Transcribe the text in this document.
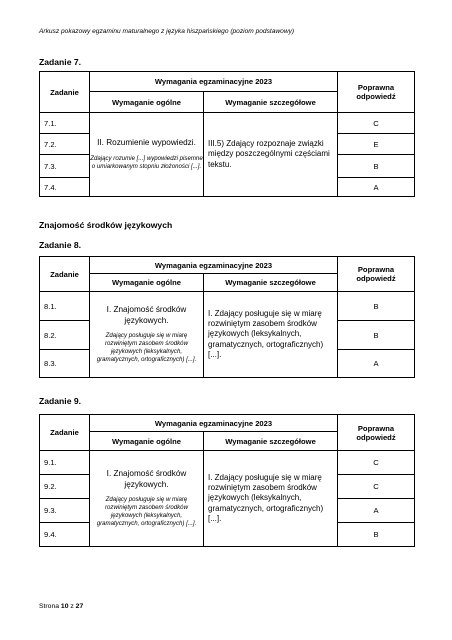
Arkusz pokazowy egzaminu maturalnego z języka hiszpańskiego (poziom podstawowy)
Zadanie 7.
Zadanie	Wymagania egzaminacyjne 2023		Poprawna
odpowiedź
	Wymaganie ogólne	Wymaganie szczegółowe	
7.1.	II. Rozumienie wypowiedzi.
Zdający rozumie [...] wypowiedzi pisemne o umiarkowanym stopniu złożoności [...].	III.5) Zdający rozpoznaje związki między poszczególnymi częściami tekstu.	C
7.2.			E
7.3.			B
7.4.			A
Znajomość środków językowych
Zadanie 8.
Zadanie	Wymagania egzaminacyjne 2023		Poprawna
odpowiedź
	Wymaganie ogólne	Wymaganie szczegółowe	
8.1.	I. Znajomość środków językowych.
Zdający posługuje się w miarę rozwiniętym zasobem środków językowych (leksykalnych, gramatycznych, ortograficznych) [...].	I. Zdający posługuje się w miarę rozwiniętym zasobem środków językowych (leksykalnych, gramatycznych, ortograficznych) [...].	B
8.2.			B
8.3.			A
Zadanie 9.
Zadanie	Wymagania egzaminacyjne 2023		Poprawna
odpowiedź
	Wymaganie ogólne	Wymaganie szczegółowe	
9.1.	I. Znajomość środków językowych.
Zdający posługuje się w miarę rozwiniętym zasobem środków językowych (leksykalnych, gramatycznych, ortograficznych) [...].	I. Zdający posługuje się w miarę rozwiniętym zasobem środków językowych (leksykalnych, gramatycznych, ortograficznych) [...].	C
9.2.			C
9.3.			A
9.4.			B
Strona 10 z 27
